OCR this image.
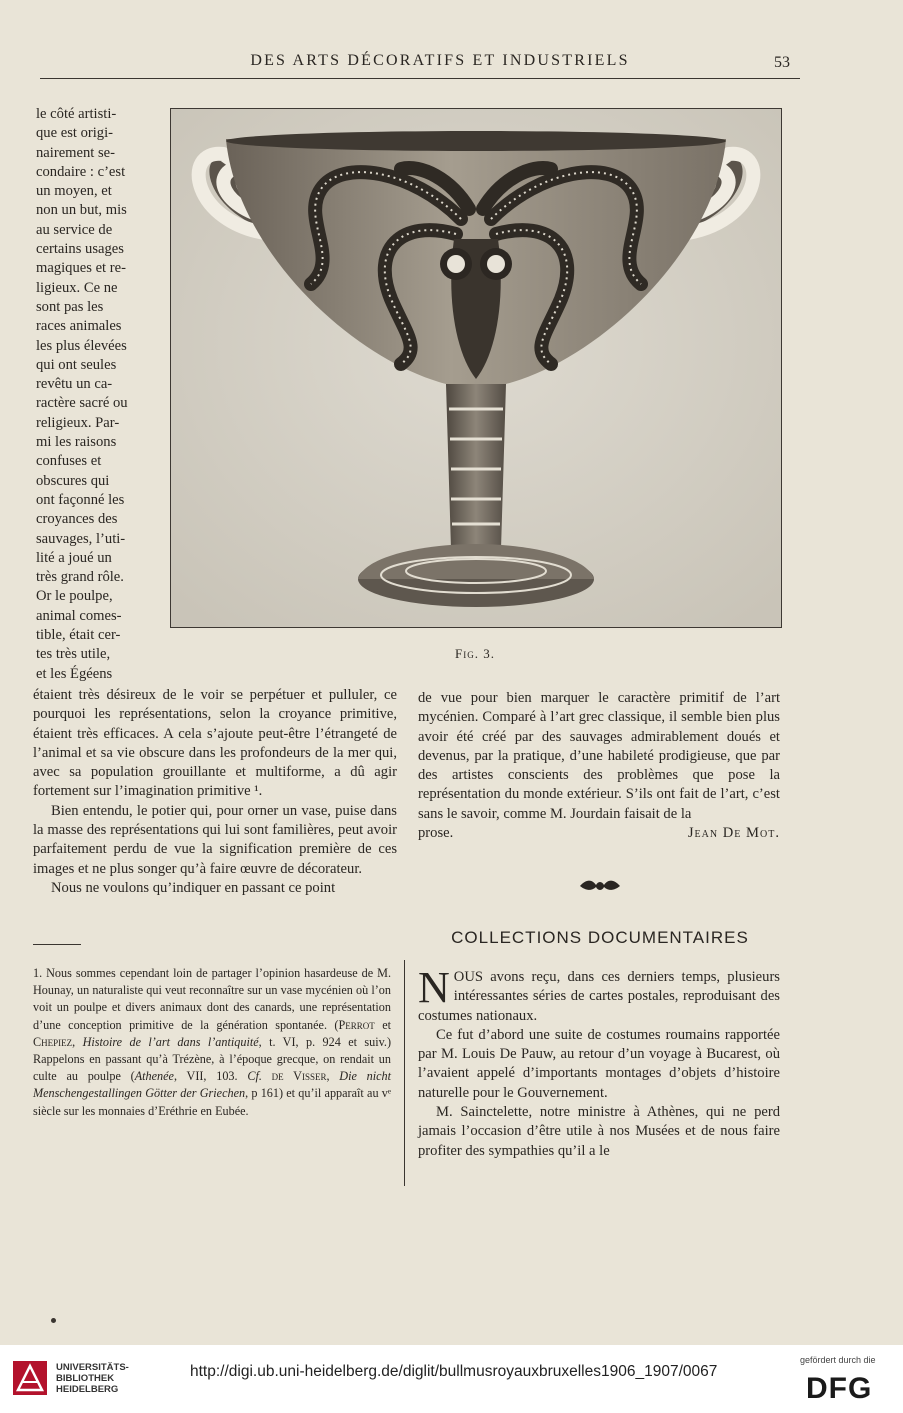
DES ARTS DÉCORATIFS ET INDUSTRIELS	53

le côté artisti-

que est origi-

nairement se-

condaire : c’est

un moyen, et

non un but, mis

au service de

certains usages

magiques et re-

ligieux. Ce ne

sont pas les

races animales

les plus élevées

qui ont seules

revêtu un ca-

ractère sacré ou

religieux. Par-

mi les raisons

confuses et

obscures qui

ont façonné les

croyances des

sauvages, l’uti-

lité a joué un

très grand rôle.

Or le poulpe,

animal comes-

tible, était cer-

tes très utile,

et les Égéens

Fig. 3.

étaient très désireux de le voir se perpétuer et pulluler, ce pourquoi les représentations, selon la croyance primitive, étaient très efficaces. A cela s’ajoute peut-être l’étrangeté de l’animal et sa vie obscure dans les profondeurs de la mer qui, avec sa population grouillante et multiforme, a dû agir fortement sur l’imagination primitive ¹.

Bien entendu, le potier qui, pour orner un vase, puise dans la masse des représentations qui lui sont familières, peut avoir parfaitement perdu de vue la signification première de ces images et ne plus songer qu’à faire œuvre de décorateur.

Nous ne voulons qu’indiquer en passant ce point

de vue pour bien marquer le caractère primitif de l’art mycénien. Comparé à l’art grec classique, il semble bien plus avoir été créé par des sauvages admirablement doués et devenus, par la pratique, d’une habileté prodigieuse, que par des artistes conscients des problèmes que pose la représentation du monde extérieur. S’ils ont fait de l’art, c’est sans le savoir, comme M. Jourdain faisait de la

prose.	Jean De Mot.
COLLECTIONS DOCUMENTAIRES

NOUS avons reçu, dans ces derniers temps, plusieurs intéressantes séries de cartes postales, reproduisant des costumes nationaux.

Ce fut d’abord une suite de costumes roumains rapportée par M. Louis De Pauw, au retour d’un voyage à Bucarest, où l’avaient appelé d’importants montages d’objets d’histoire naturelle pour le Gouvernement.

M. Sainctelette, notre ministre à Athènes, qui ne perd jamais l’occasion d’être utile à nos Musées et de nous faire profiter des sympathies qu’il a le

1. Nous sommes cependant loin de partager l’opinion hasardeuse de M. Hounay, un naturaliste qui veut reconnaître sur un vase mycénien où l’on voit un poulpe et divers animaux dont des canards, une représentation d’une conception primitive de la génération spontanée. (Perrot et Chepiez, Histoire de l’art dans l’antiquité, t. VI, p. 924 et suiv.) Rappelons en passant qu’à Trézène, à l’époque grecque, on rendait un culte au poulpe (Athenée, VII, 103. Cf. de Visser, Die nicht Menschengestallingen Götter der Griechen, p 161) et qu’il apparaît au vᵉ siècle sur les monnaies d’Eréthrie en Eubée.
UNIVERSITÄTS-
BIBLIOTHEK
HEIDELBERG
http://digi.ub.uni-heidelberg.de/diglit/bullmusroyauxbruxelles1906_1907/0067
gefördert durch die
DFG
